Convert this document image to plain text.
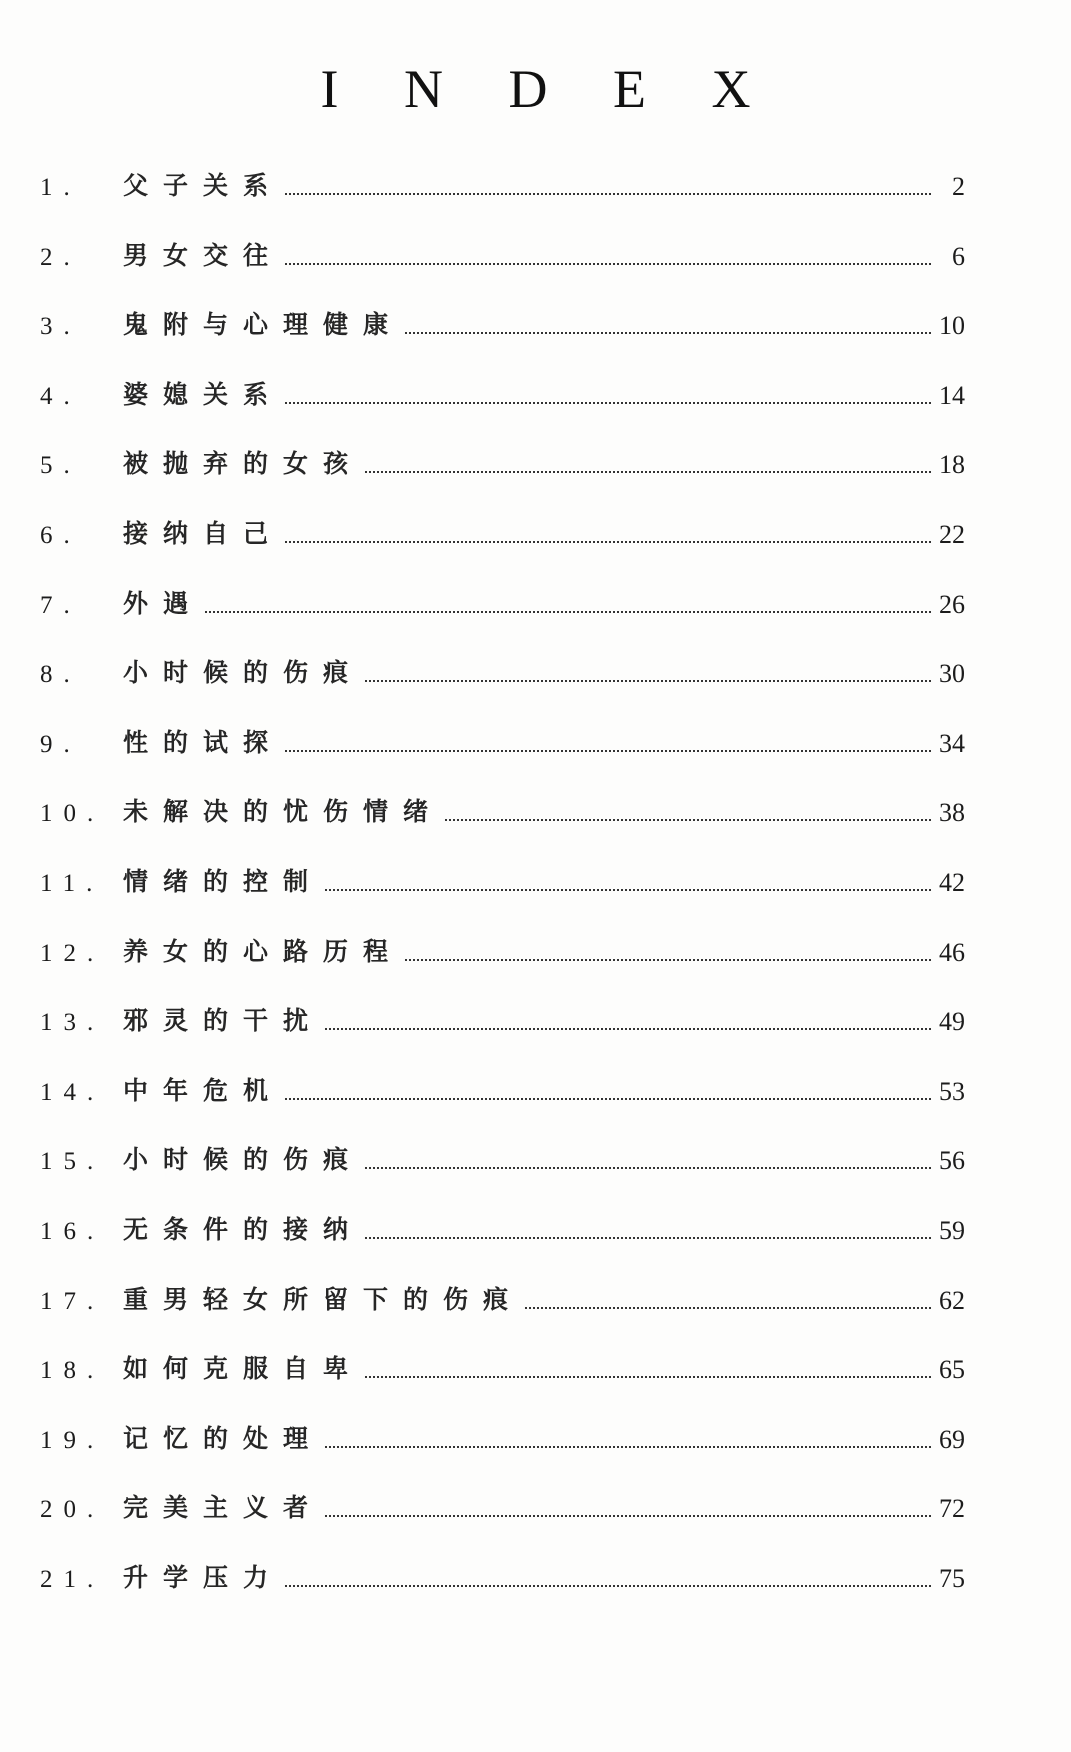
I N D E X
1.	父子关系	2
2.	男女交往	6
3.	鬼附与心理健康	10
4.	婆媳关系	14
5.	被抛弃的女孩	18
6.	接纳自己	22
7.	外遇	26
8.	小时候的伤痕	30
9.	性的试探	34
10. 未解决的忧伤情绪	38
11. 情绪的控制	42
12. 养女的心路历程	46
13. 邪灵的干扰	49
14. 中年危机	53
15. 小时候的伤痕	56
16. 无条件的接纳	59
17. 重男轻女所留下的伤痕	62
18. 如何克服自卑	65
19. 记忆的处理	69
20. 完美主义者	72
21. 升学压力	75
